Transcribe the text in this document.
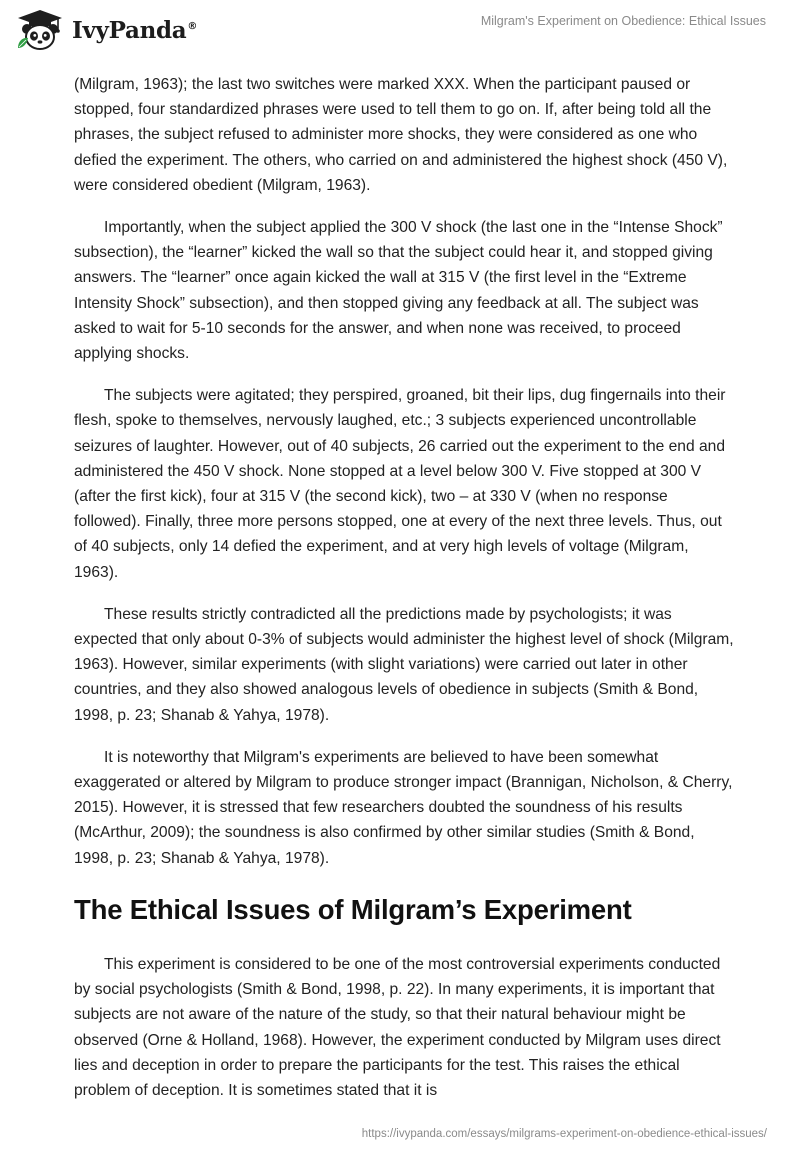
IvyPanda®	Milgram's Experiment on Obedience: Ethical Issues

(Milgram, 1963); the last two switches were marked XXX. When the participant paused or stopped, four standardized phrases were used to tell them to go on. If, after being told all the phrases, the subject refused to administer more shocks, they were considered as one who defied the experiment. The others, who carried on and administered the highest shock (450 V), were considered obedient (Milgram, 1963).

Importantly, when the subject applied the 300 V shock (the last one in the “Intense Shock” subsection), the “learner” kicked the wall so that the subject could hear it, and stopped giving answers. The “learner” once again kicked the wall at 315 V (the first level in the “Extreme Intensity Shock” subsection), and then stopped giving any feedback at all. The subject was asked to wait for 5-10 seconds for the answer, and when none was received, to proceed applying shocks.

The subjects were agitated; they perspired, groaned, bit their lips, dug fingernails into their flesh, spoke to themselves, nervously laughed, etc.; 3 subjects experienced uncontrollable seizures of laughter. However, out of 40 subjects, 26 carried out the experiment to the end and administered the 450 V shock. None stopped at a level below 300 V. Five stopped at 300 V (after the first kick), four at 315 V (the second kick), two – at 330 V (when no response followed). Finally, three more persons stopped, one at every of the next three levels. Thus, out of 40 subjects, only 14 defied the experiment, and at very high levels of voltage (Milgram, 1963).

These results strictly contradicted all the predictions made by psychologists; it was expected that only about 0-3% of subjects would administer the highest level of shock (Milgram, 1963). However, similar experiments (with slight variations) were carried out later in other countries, and they also showed analogous levels of obedience in subjects (Smith & Bond, 1998, p. 23; Shanab & Yahya, 1978).

It is noteworthy that Milgram's experiments are believed to have been somewhat exaggerated or altered by Milgram to produce stronger impact (Brannigan, Nicholson, & Cherry, 2015). However, it is stressed that few researchers doubted the soundness of his results (McArthur, 2009); the soundness is also confirmed by other similar studies (Smith & Bond, 1998, p. 23; Shanab & Yahya, 1978).

The Ethical Issues of Milgram’s Experiment

This experiment is considered to be one of the most controversial experiments conducted by social psychologists (Smith & Bond, 1998, p. 22). In many experiments, it is important that subjects are not aware of the nature of the study, so that their natural behaviour might be observed (Orne & Holland, 1968). However, the experiment conducted by Milgram uses direct lies and deception in order to prepare the participants for the test. This raises the ethical problem of deception. It is sometimes stated that it is

https://ivypanda.com/essays/milgrams-experiment-on-obedience-ethical-issues/
